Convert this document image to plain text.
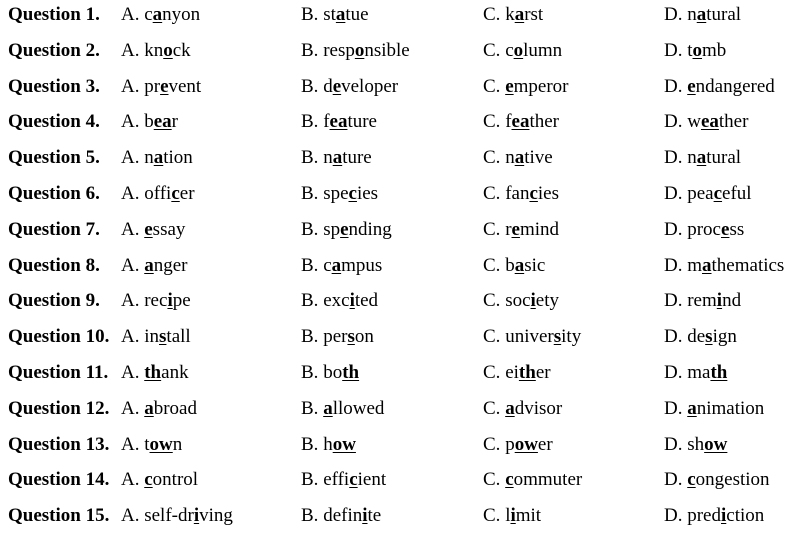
Question 1. A. canyon	B. statue	C. karst	D. natural
Question 2. A. knock	B. responsible	C. column	D. tomb
Question 3. A. prevent	B. developer	C. emperor	D. endangered
Question 4. A. bear	B. feature	C. feather	D. weather
Question 5. A. nation	B. nature	C. native	D. natural
Question 6. A. officer	B. species	C. fancies	D. peaceful
Question 7. A. essay	B. spending	C. remind	D. process
Question 8. A. anger	B. campus	C. basic	D. mathematics
Question 9. A. recipe	B. excited	C. society	D. remind
Question 10. A. install	B. person	C. university	D. design
Question 11. A. thank	B. both	C. either	D. math
Question 12. A. abroad	B. allowed	C. advisor	D. animation
Question 13. A. town	B. how	C. power	D. show
Question 14. A. control	B. efficient	C. commuter	D. congestion
Question 15. A. self-driving	B. definite	C. limit	D. prediction
